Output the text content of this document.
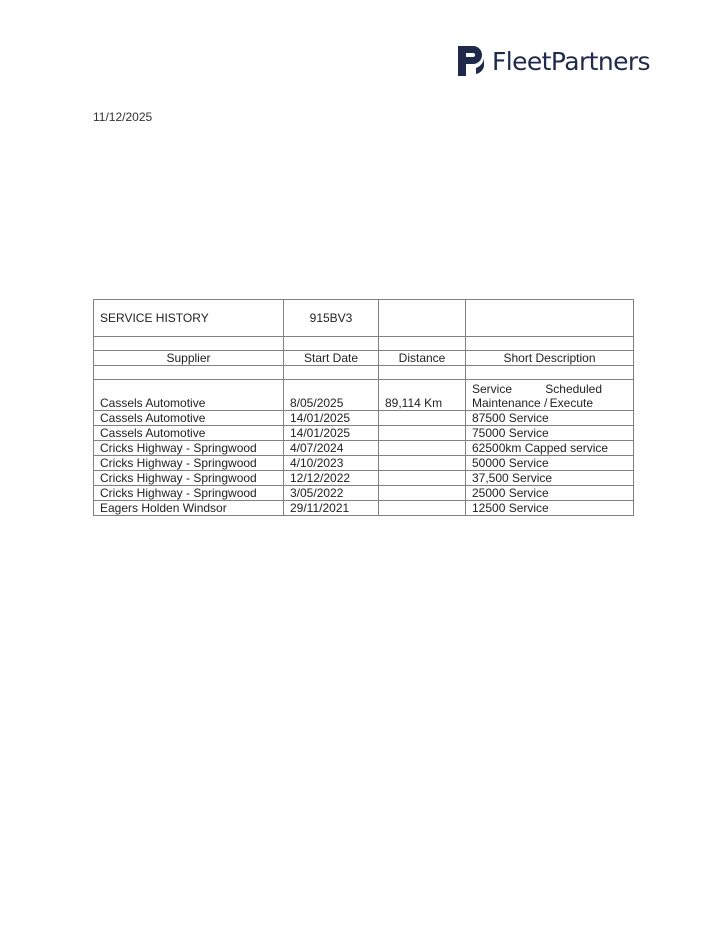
FleetPartners
11/12/2025
SERVICE HISTORY	915BV3		

Supplier	Start Date	Distance	Short Description

Cassels Automotive	8/05/2025	89,114 Km	Service Scheduled
Maintenance / Execute

Cassels Automotive	14/01/2025		87500 Service
Cassels Automotive	14/01/2025		75000 Service
Cricks Highway - Springwood	4/07/2024		62500km Capped service
Cricks Highway - Springwood	4/10/2023		50000 Service
Cricks Highway - Springwood	12/12/2022		37,500 Service
Cricks Highway - Springwood	3/05/2022		25000 Service
Eagers Holden Windsor	29/11/2021		12500 Service
